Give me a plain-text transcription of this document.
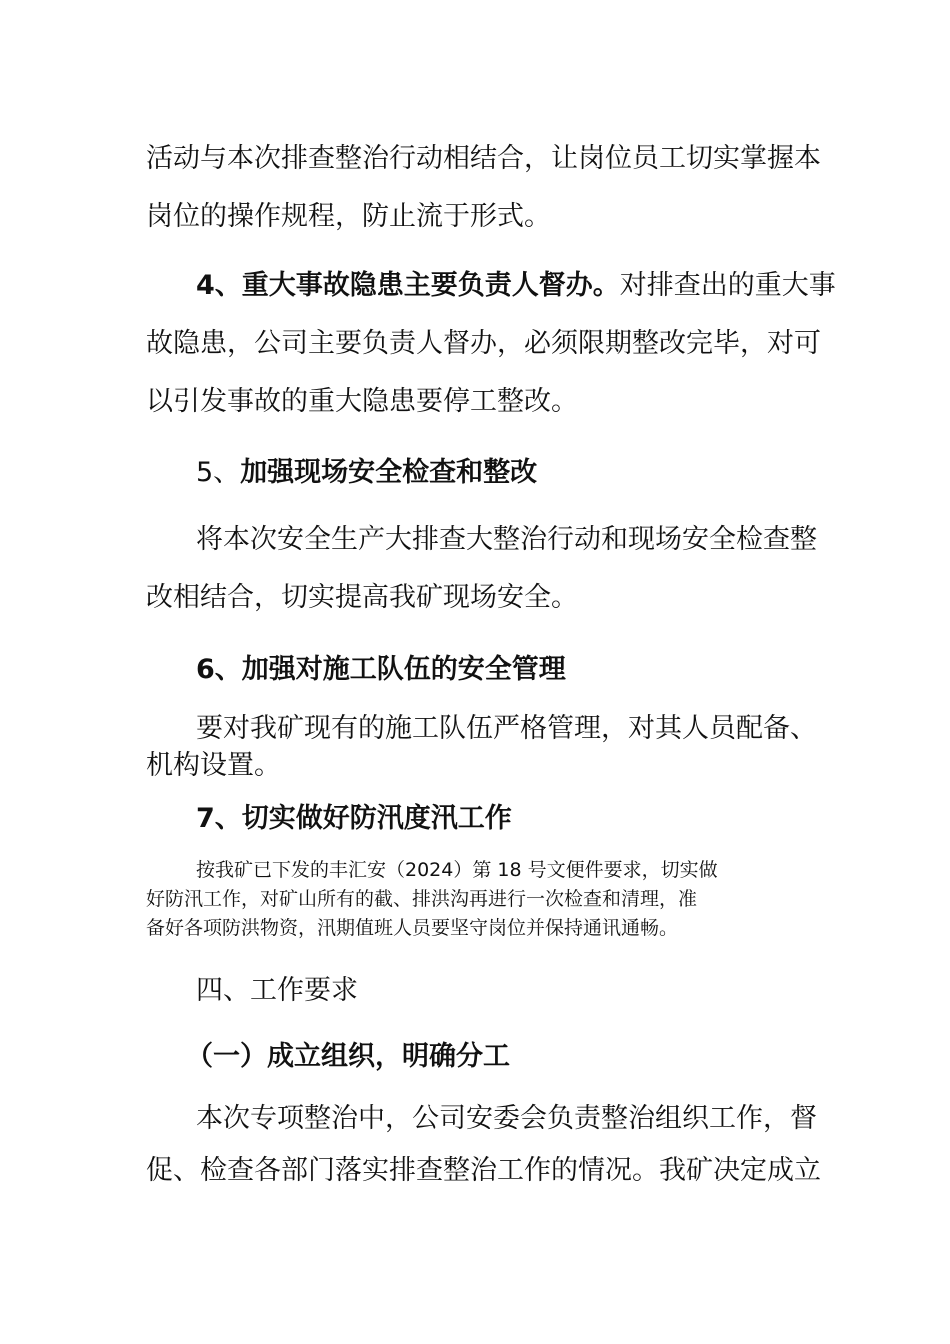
活动与本次排查整治行动相结合，让岗位员工切实掌握本

岗位的操作规程，防止流于形式。

4、重大事故隐患主要负责人督办。对排查出的重大事

故隐患，公司主要负责人督办，必须限期整改完毕，对可

以引发事故的重大隐患要停工整改。

5、加强现场安全检查和整改

将本次安全生产大排查大整治行动和现场安全检查整

改相结合，切实提高我矿现场安全。

6、加强对施工队伍的安全管理

要对我矿现有的施工队伍严格管理，对其人员配备、

机构设置。

7、切实做好防汛度汛工作

按我矿已下发的丰汇安（2024）第 18 号文便件要求，切实做

好防汛工作，对矿山所有的截、排洪沟再进行一次检查和清理，准

备好各项防洪物资，汛期值班人员要坚守岗位并保持通讯通畅。

四、工作要求

（一）成立组织，明确分工

本次专项整治中，公司安委会负责整治组织工作，督

促、检查各部门落实排查整治工作的情况。我矿决定成立
